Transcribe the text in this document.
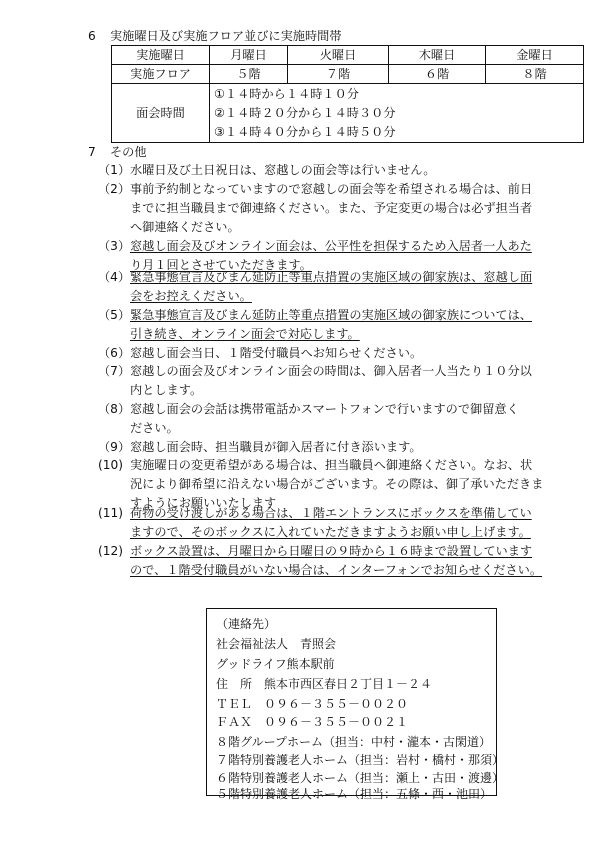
6 実施曜日及び実施フロア並びに実施時間帯
実施曜日	月曜日	火曜日	木曜日	金曜日
実施フロア	５階	７階	６階	８階
面会時間	①１４時から１４時１０分
②１４時２０分から１４時３０分
③１４時４０分から１４時５０分			
7 その他
（1）水曜日及び土日祝日は、窓越しの面会等は行いません。
（2）事前予約制となっていますので窓越しの面会等を希望される場合は、前日
までに担当職員まで御連絡ください。また、予定変更の場合は必ず担当者
へ御連絡ください。
（3）窓越し面会及びオンライン面会は、公平性を担保するため入居者一人あた
り月１回とさせていただきます。
（4）緊急事態宣言及びまん延防止等重点措置の実施区域の御家族は、窓越し面
会をお控えください。
（5）緊急事態宣言及びまん延防止等重点措置の実施区域の御家族については、
引き続き、オンライン面会で対応します。
（6）窓越し面会当日、１階受付職員へお知らせください。
（7）窓越しの面会及びオンライン面会の時間は、御入居者一人当たり１０分以
内とします。
（8）窓越し面会の会話は携帯電話かスマートフォンで行いますので御留意く
ださい。
（9）窓越し面会時、担当職員が御入居者に付き添います。
(10) 実施曜日の変更希望がある場合は、担当職員へ御連絡ください。なお、状
況により御希望に沿えない場合がございます。その際は、御了承いただきま
すようにお願いいたします
(11) 荷物の受け渡しがある場合は、１階エントランスにボックスを準備してい
ますので、そのボックスに入れていただきますようお願い申し上げます。
(12) ボックス設置は、月曜日から日曜日の９時から１６時まで設置しています
ので、１階受付職員がいない場合は、インターフォンでお知らせください。
（連絡先）
社会福祉法人　青照会
グッドライフ熊本駅前
住　所　熊本市西区春日２丁目１－２４
ＴＥＬ　０９６－３５５－００２０
ＦＡＸ　０９６－３５５－００２１
８階グループホーム（担当：中村・瀧本・古閑道）
７階特別養護老人ホーム（担当：岩村・橋村・那須）
６階特別養護老人ホーム（担当：瀬上・古田・渡邊）
５階特別養護老人ホーム（担当：五條・西・池田）
